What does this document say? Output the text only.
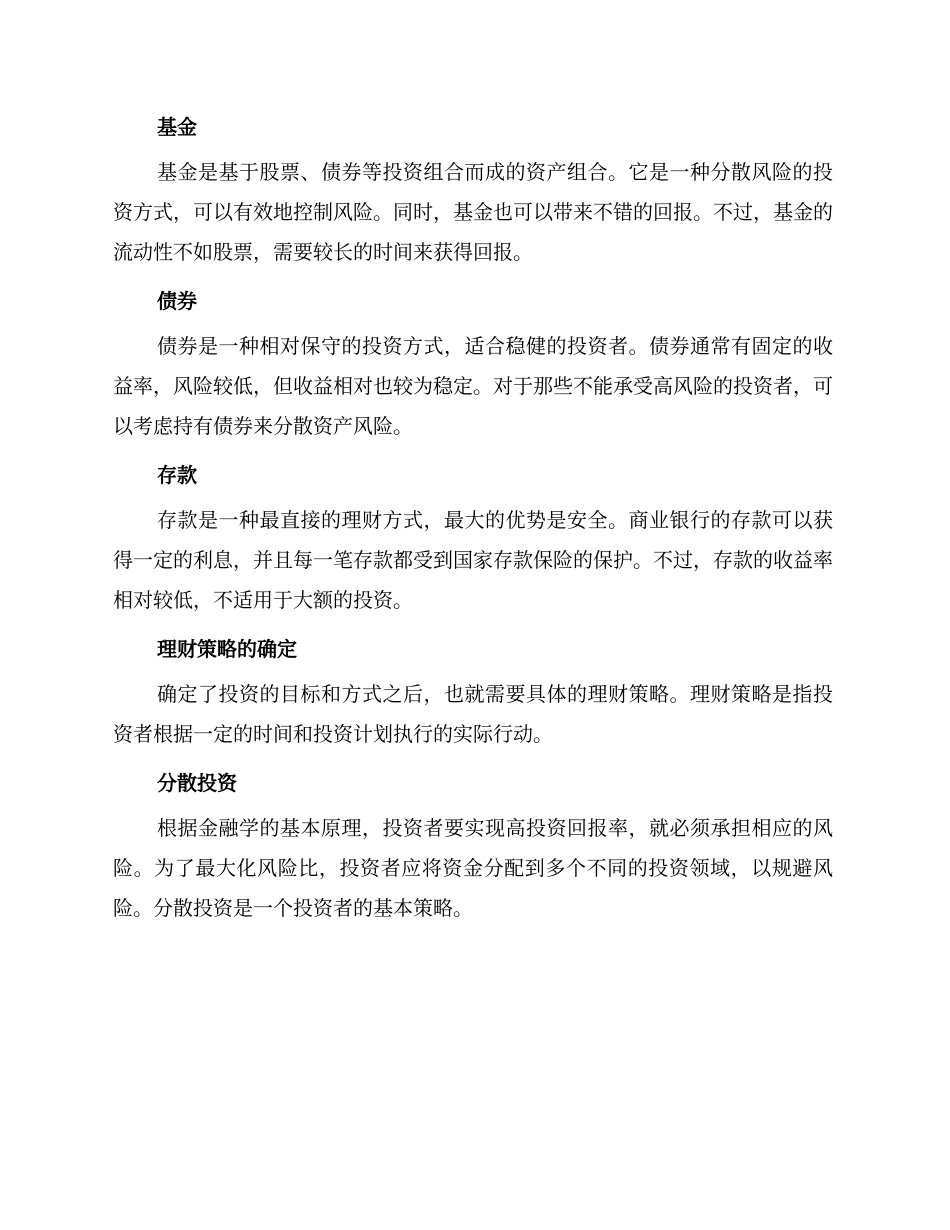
基金

基金是基于股票、债券等投资组合而成的资产组合。它是一种分散风险的投资方式，可以有效地控制风险。同时，基金也可以带来不错的回报。不过，基金的流动性不如股票，需要较长的时间来获得回报。

债券

债券是一种相对保守的投资方式，适合稳健的投资者。债券通常有固定的收益率，风险较低，但收益相对也较为稳定。对于那些不能承受高风险的投资者，可以考虑持有债券来分散资产风险。

存款

存款是一种最直接的理财方式，最大的优势是安全。商业银行的存款可以获得一定的利息，并且每一笔存款都受到国家存款保险的保护。不过，存款的收益率相对较低，不适用于大额的投资。

理财策略的确定

确定了投资的目标和方式之后，也就需要具体的理财策略。理财策略是指投资者根据一定的时间和投资计划执行的实际行动。

分散投资

根据金融学的基本原理，投资者要实现高投资回报率，就必须承担相应的风险。为了最大化风险比，投资者应将资金分配到多个不同的投资领域，以规避风险。分散投资是一个投资者的基本策略。
